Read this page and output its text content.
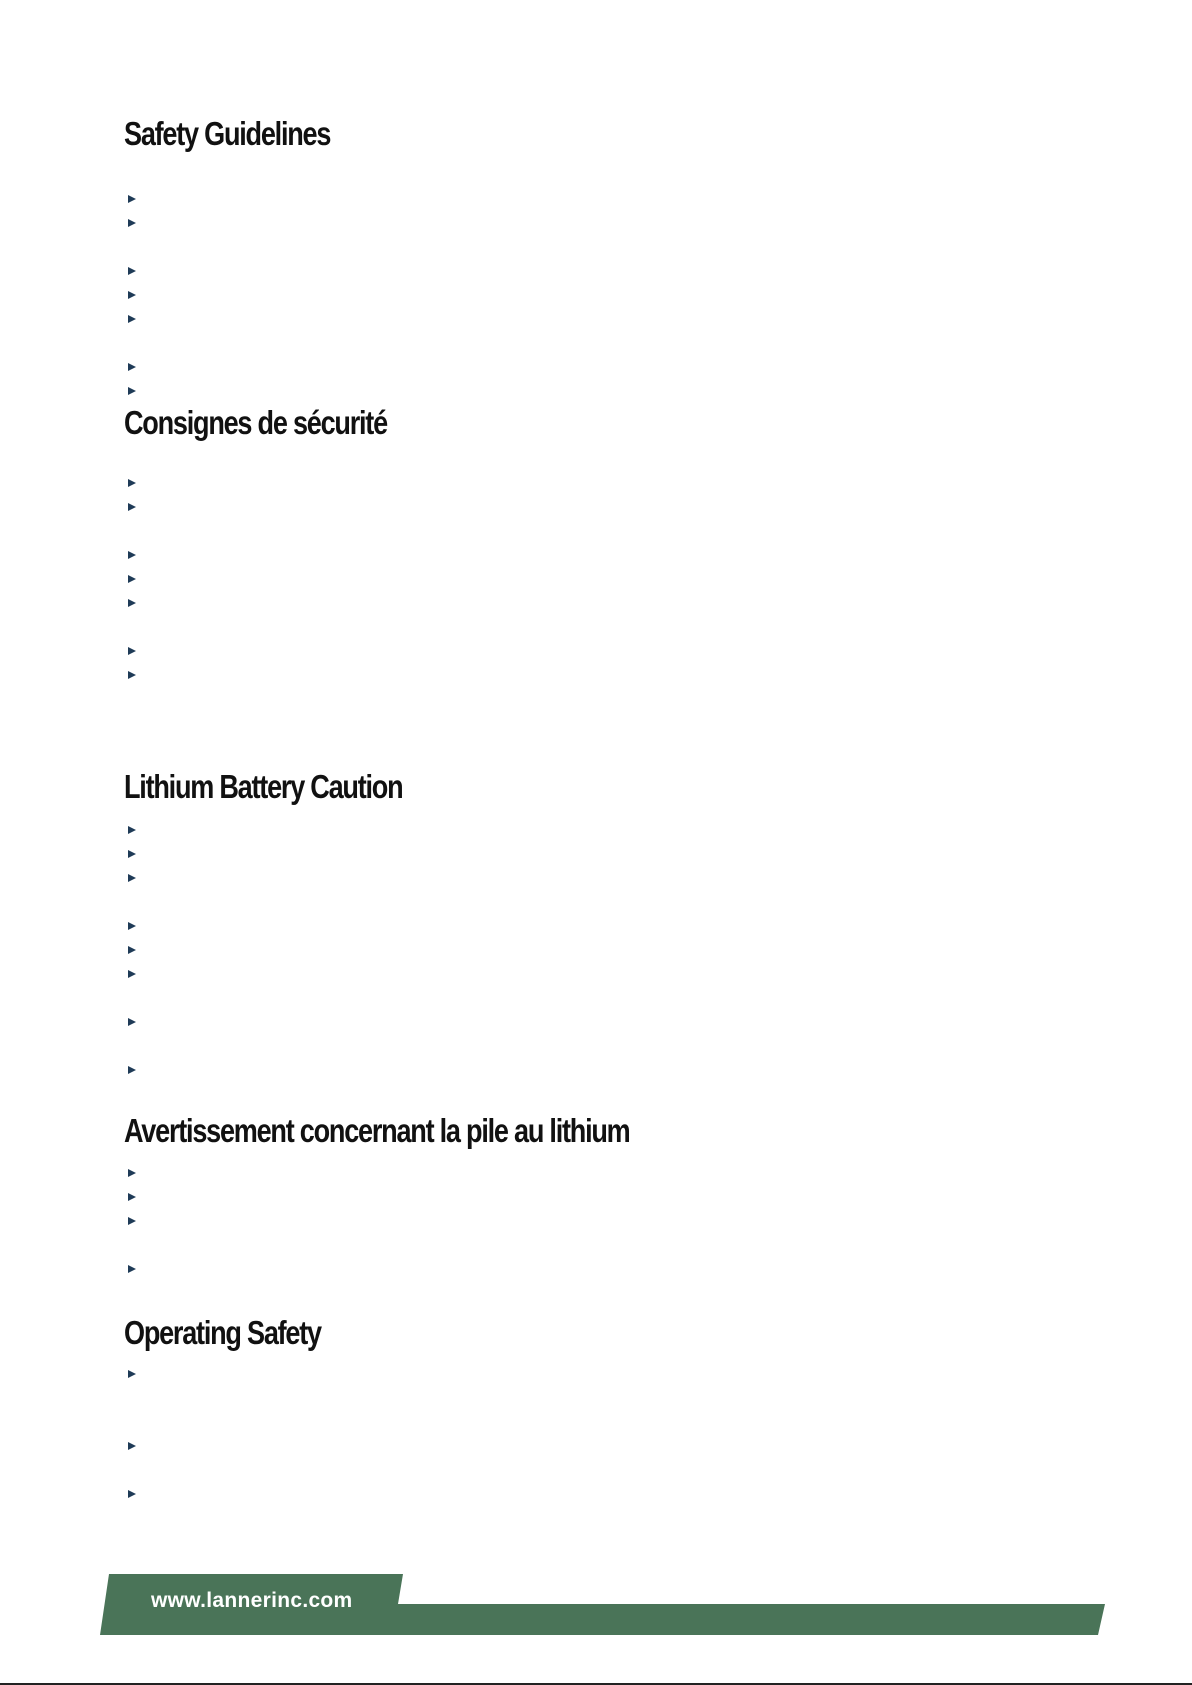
Safety Guidelines
Consignes de sécurité
Lithium Battery Caution
Avertissement concernant la pile au lithium
Operating Safety
www.lannerinc.com
